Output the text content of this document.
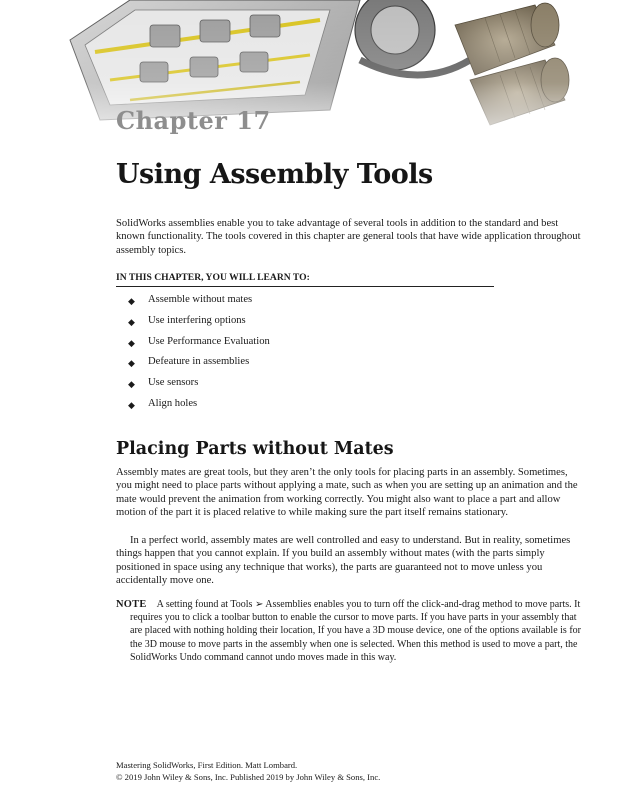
Chapter 17
Using Assembly Tools
SolidWorks assemblies enable you to take advantage of several tools in addition to the standard and best known functionality. The tools covered in this chapter are general tools that have wide application throughout assembly topics.
IN THIS CHAPTER, YOU WILL LEARN TO:
◆	Assemble without mates
◆	Use interfering options
◆	Use Performance Evaluation
◆	Defeature in assemblies
◆	Use sensors
◆	Align holes
Placing Parts without Mates
Assembly mates are great tools, but they aren’t the only tools for placing parts in an assembly. Sometimes, you might need to place parts without applying a mate, such as when you are setting up an animation and the mate would prevent the animation from working correctly. You might also want to place a part and allow motion of the part it is placed relative to while making sure the part itself remains stationary.
In a perfect world, assembly mates are well controlled and easy to understand. But in reality, sometimes things happen that you cannot explain. If you build an assembly without mates (with the parts simply positioned in space using any technique that works), the parts are guaranteed not to move unless you accidentally move one.
NOTE A setting found at Tools ➢ Assemblies enables you to turn off the click-and-drag method to move parts. It requires you to click a toolbar button to enable the cursor to move parts. If you have parts in your assembly that are placed with nothing holding their location, If you have a 3D mouse device, one of the options available is for the 3D mouse to move parts in the assembly when one is selected. When this method is used to move a part, the SolidWorks Undo command cannot undo moves made in this way.
Mastering SolidWorks, First Edition. Matt Lombard.
© 2019 John Wiley & Sons, Inc. Published 2019 by John Wiley & Sons, Inc.
